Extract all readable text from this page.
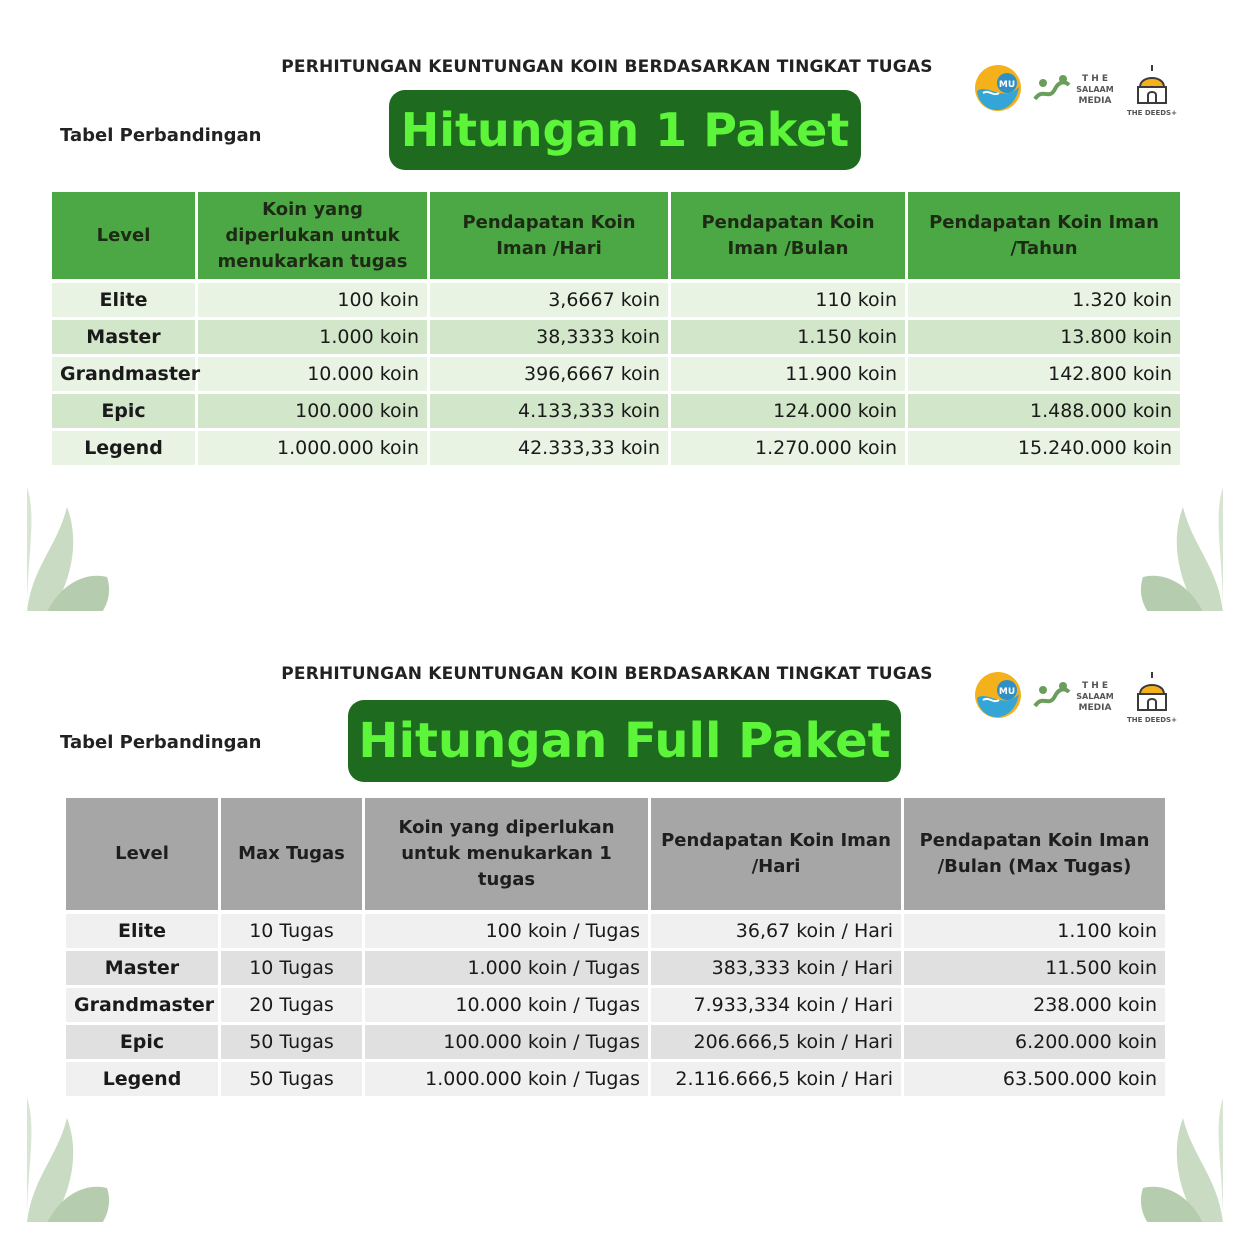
PERHITUNGAN KEUNTUNGAN KOIN BERDASARKAN TINGKAT TUGAS
Tabel Perbandingan	Hitungan 1 Paket
MU
T H E
SALAAM
MEDIA
THE DEEDS+
Level	Koin yang diperlukan untuk menukarkan tugas	Pendapatan Koin Iman /Hari	Pendapatan Koin Iman /Bulan	Pendapatan Koin Iman /Tahun
Elite	100 koin	3,6667 koin	110 koin	1.320 koin
Master	1.000 koin	38,3333 koin	1.150 koin	13.800 koin
Grandmaster	10.000 koin	396,6667 koin	11.900 koin	142.800 koin
Epic	100.000 koin	4.133,333 koin	124.000 koin	1.488.000 koin
Legend	1.000.000 koin	42.333,33 koin	1.270.000 koin	15.240.000 koin
PERHITUNGAN KEUNTUNGAN KOIN BERDASARKAN TINGKAT TUGAS
Tabel Perbandingan Hitungan Full Paket
MU
T H E
SALAAM
MEDIA
THE DEEDS+
Level	Max Tugas	Koin yang diperlukan untuk menukarkan 1 tugas	Pendapatan Koin Iman /Hari	Pendapatan Koin Iman /Bulan (Max Tugas)
Elite	10 Tugas	100 koin / Tugas	36,67 koin / Hari	1.100 koin
Master	10 Tugas	1.000 koin / Tugas	383,333 koin / Hari	11.500 koin
Grandmaster	20 Tugas	10.000 koin / Tugas	7.933,334 koin / Hari	238.000 koin
Epic	50 Tugas	100.000 koin / Tugas	206.666,5 koin / Hari	6.200.000 koin
Legend	50 Tugas	1.000.000 koin / Tugas	2.116.666,5 koin / Hari	63.500.000 koin
